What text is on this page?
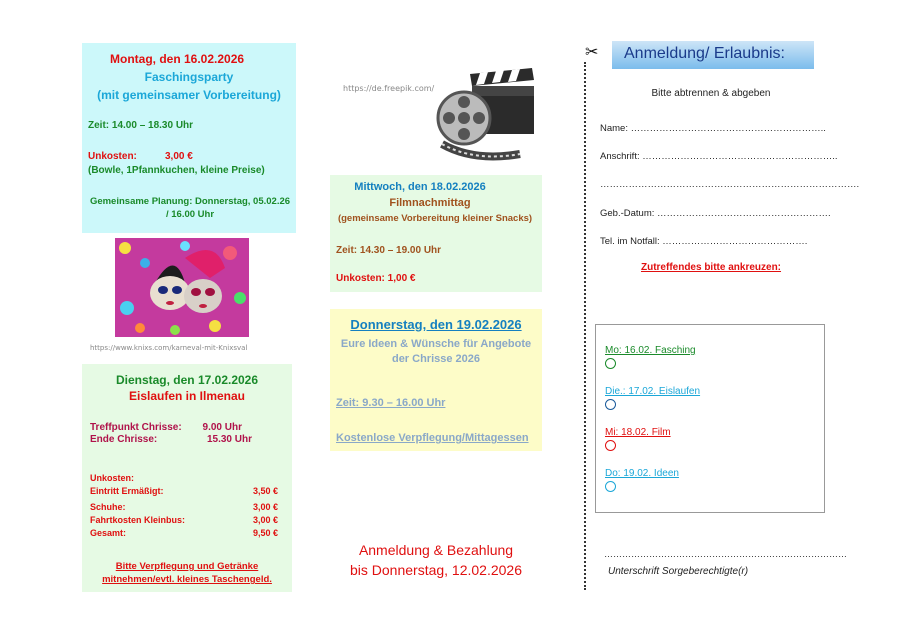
Montag, den 16.02.2026
Faschingsparty
(mit gemeinsamer Vorbereitung)
Zeit: 14.00 – 18.30 Uhr
Unkosten:	3,00 €
(Bowle, 1Pfannkuchen, kleine Preise)
Gemeinsame Planung: Donnerstag, 05.02.26 / 16.00 Uhr
https://www.knixs.com/karneval-mit-Knixsval
Dienstag, den 17.02.2026
Eislaufen in Ilmenau
Treffpunkt Chrisse: 9.00 Uhr
Ende Chrisse:	15.30 Uhr
Unkosten:
Eintritt Ermäßigt:	3,50 €
Schuhe:	3,00 €
Fahrtkosten Kleinbus:	3,00 €
Gesamt:	9,50 €
Bitte Verpflegung und Getränke mitnehmen/evtl. kleines Taschengeld.
https://de.freepik.com/
Mittwoch, den 18.02.2026
Filmnachmittag
(gemeinsame Vorbereitung kleiner Snacks)
Zeit: 14.30 – 19.00 Uhr
Unkosten: 1,00 €
Donnerstag, den 19.02.2026
Eure Ideen & Wünsche für Angebote der Chrisse 2026
Zeit: 9.30 – 16.00 Uhr
Kostenlose Verpflegung/Mittagessen
Anmeldung & Bezahlung
bis Donnerstag, 12.02.2026
✂ Anmeldung/ Erlaubnis:
Bitte abtrennen & abgeben
Name: ……………………………………………………..
Anschrift: ……………………………………………………..
……………………………………………………………………….
Geb.-Datum: ……………………………………………….
Tel. im Notfall: ……………………………………….
Zutreffendes bitte ankreuzen:
Mo: 16.02. Fasching
Die.: 17.02. Eislaufen
Mi: 18.02. Film
Do: 19.02. Ideen
………………………………………………………………………
Unterschrift Sorgeberechtigte(r)
